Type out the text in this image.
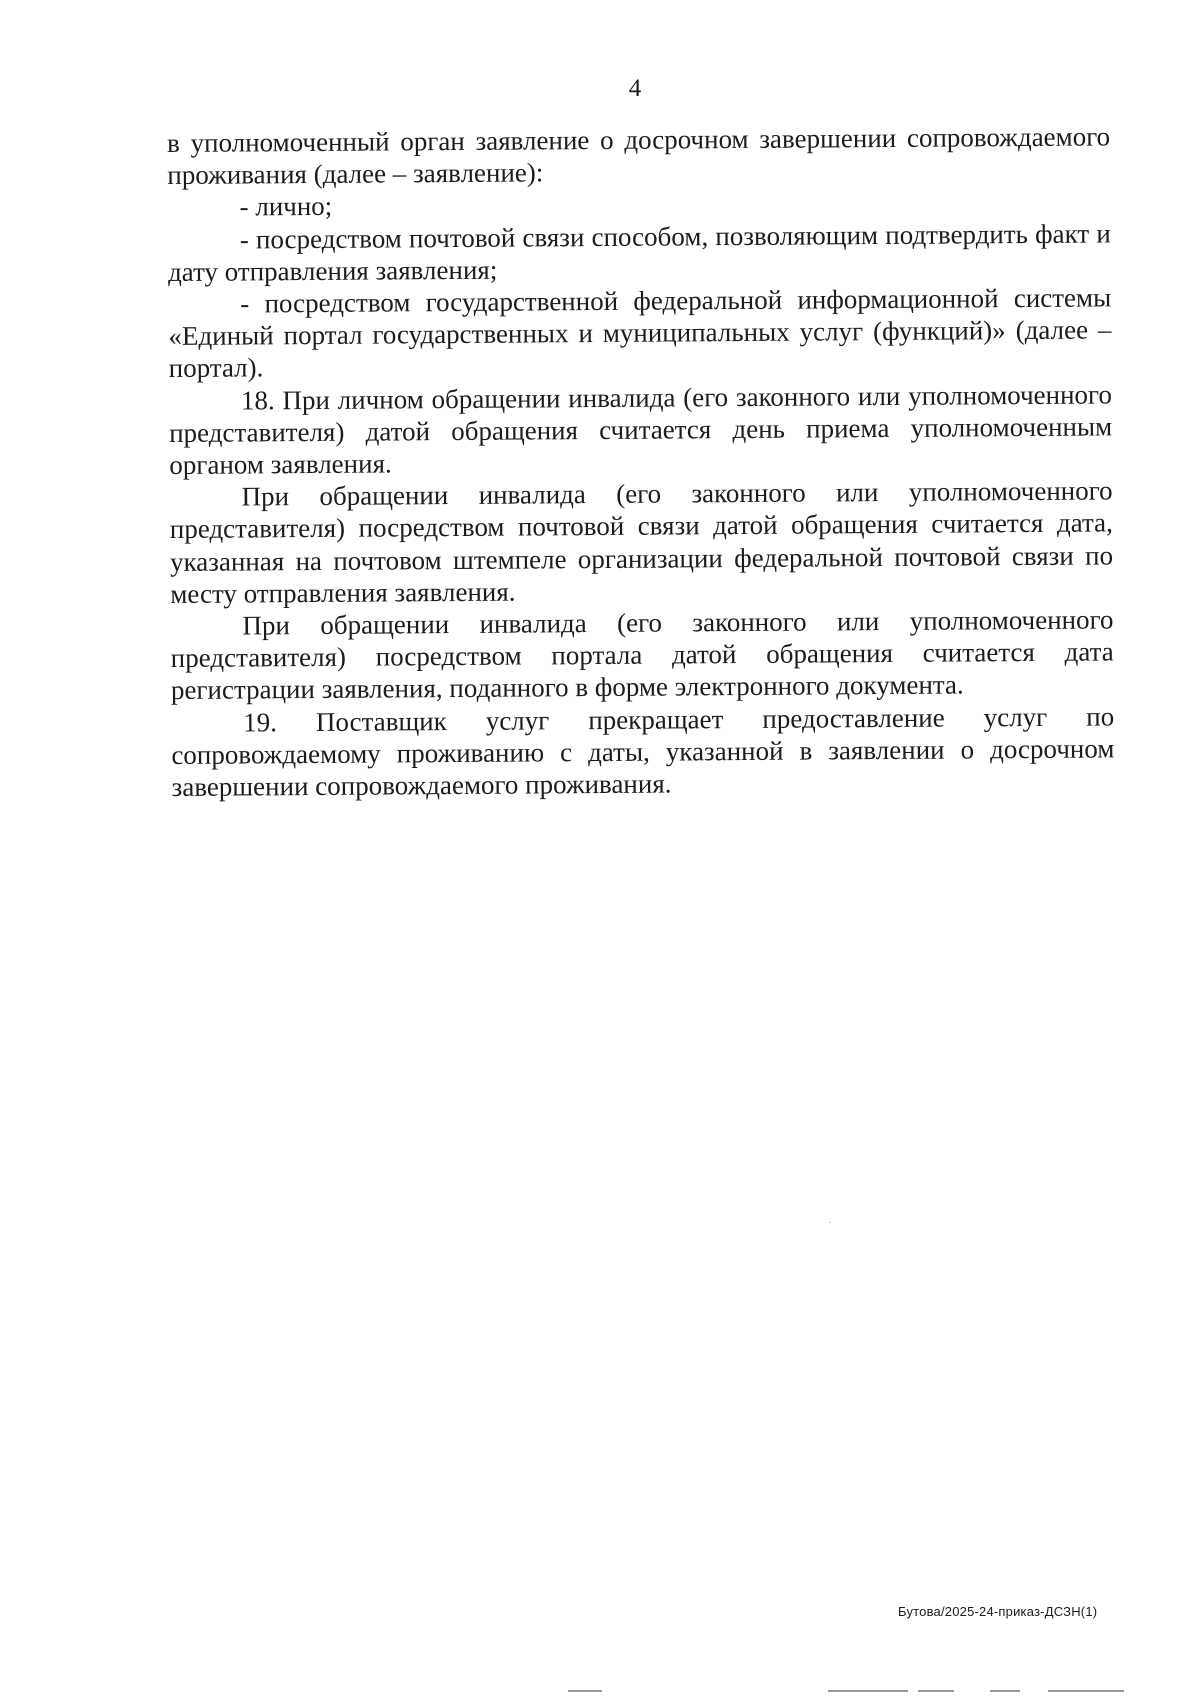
4

в уполномоченный орган заявление о досрочном завершении сопровождаемого проживания (далее – заявление):

- лично;

- посредством почтовой связи способом, позволяющим подтвердить факт и дату отправления заявления;

- посредством государственной федеральной информационной системы «Единый портал государственных и муниципальных услуг (функций)» (далее – портал).

18. При личном обращении инвалида (его законного или уполномоченного представителя) датой обращения считается день приема уполномоченным органом заявления.

При обращении инвалида (его законного или уполномоченного представителя) посредством почтовой связи датой обращения считается дата, указанная на почтовом штемпеле организации федеральной почтовой связи по месту отправления заявления.

При обращении инвалида (его законного или уполномоченного представителя) посредством портала датой обращения считается дата регистрации заявления, поданного в форме электронного документа.

19. Поставщик услуг прекращает предоставление услуг по сопровождаемому проживанию с даты, указанной в заявлении о досрочном завершении сопровождаемого проживания.

Бутова/2025-24-приказ-ДСЗН(1)
